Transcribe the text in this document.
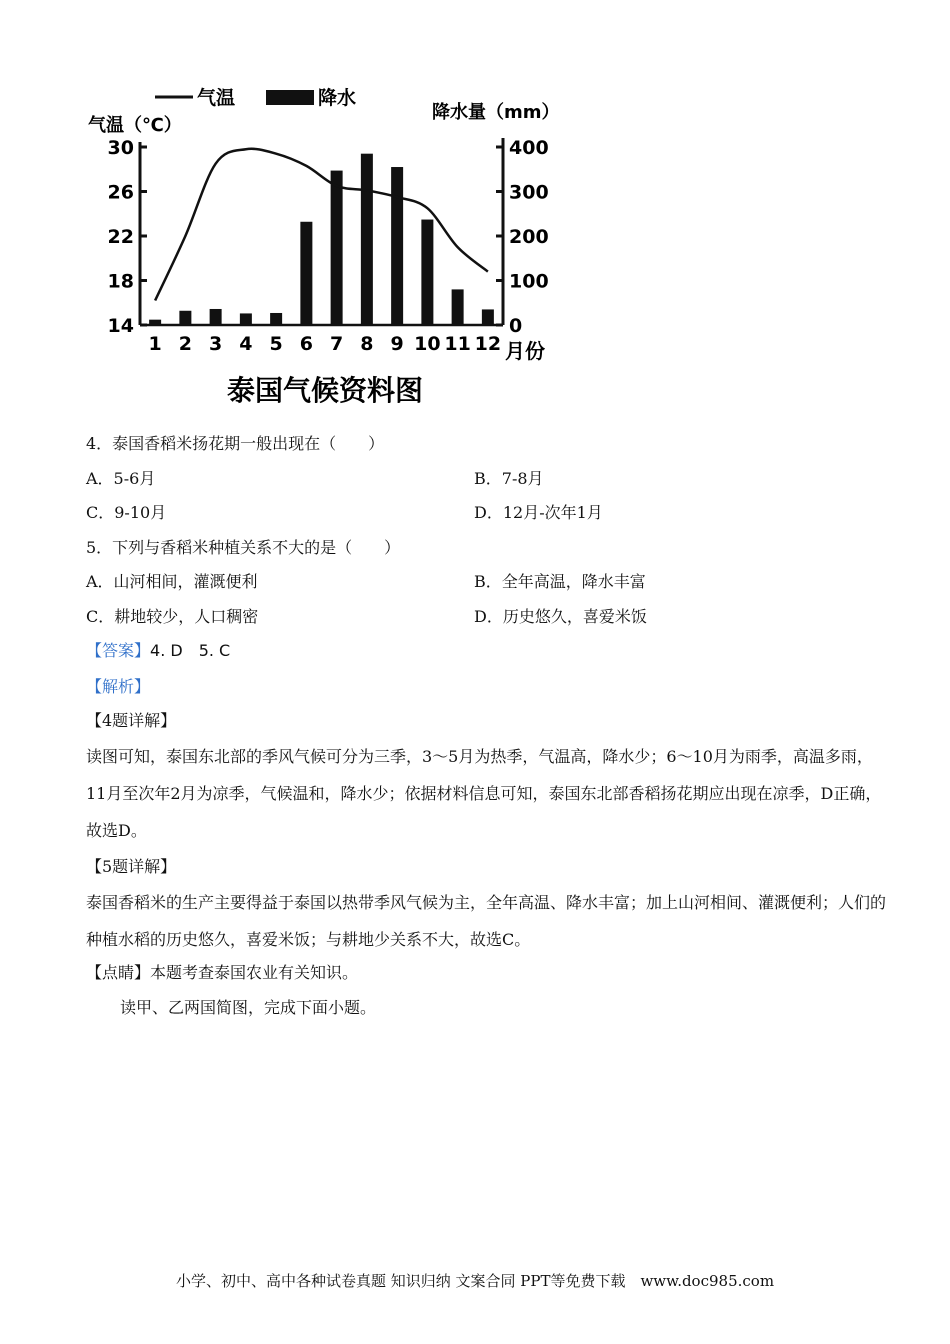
气温	降水
气温（℃）
降水量（mm）
14
18
22
26
30
0
100
200
300
400
1 2 3 4 5 6 7 8 9 10 11 12 月份
泰国气候资料图
4．泰国香稻米扬花期一般出现在（　　）
A．5-6月	B．7-8月
C．9-10月	D．12月-次年1月
5．下列与香稻米种植关系不大的是（　　）
A．山河相间，灌溉便利	B．全年高温，降水丰富
C．耕地较少，人口稠密	D．历史悠久，喜爱米饭
【答案】4. D　5. C
【解析】
【4题详解】
读图可知，泰国东北部的季风气候可分为三季，3～5月为热季，气温高，降水少；6～10月为雨季，高温多雨，11月至次年2月为凉季，气候温和，降水少；依据材料信息可知，泰国东北部香稻扬花期应出现在凉季，D正确，故选D。
【5题详解】
泰国香稻米的生产主要得益于泰国以热带季风气候为主，全年高温、降水丰富；加上山河相间、灌溉便利；人们的种植水稻的历史悠久，喜爱米饭；与耕地少关系不大，故选C。
【点睛】本题考查泰国农业有关知识。
读甲、乙两国简图，完成下面小题。
小学、初中、高中各种试卷真题 知识归纳 文案合同 PPT等免费下载　www.doc985.com
